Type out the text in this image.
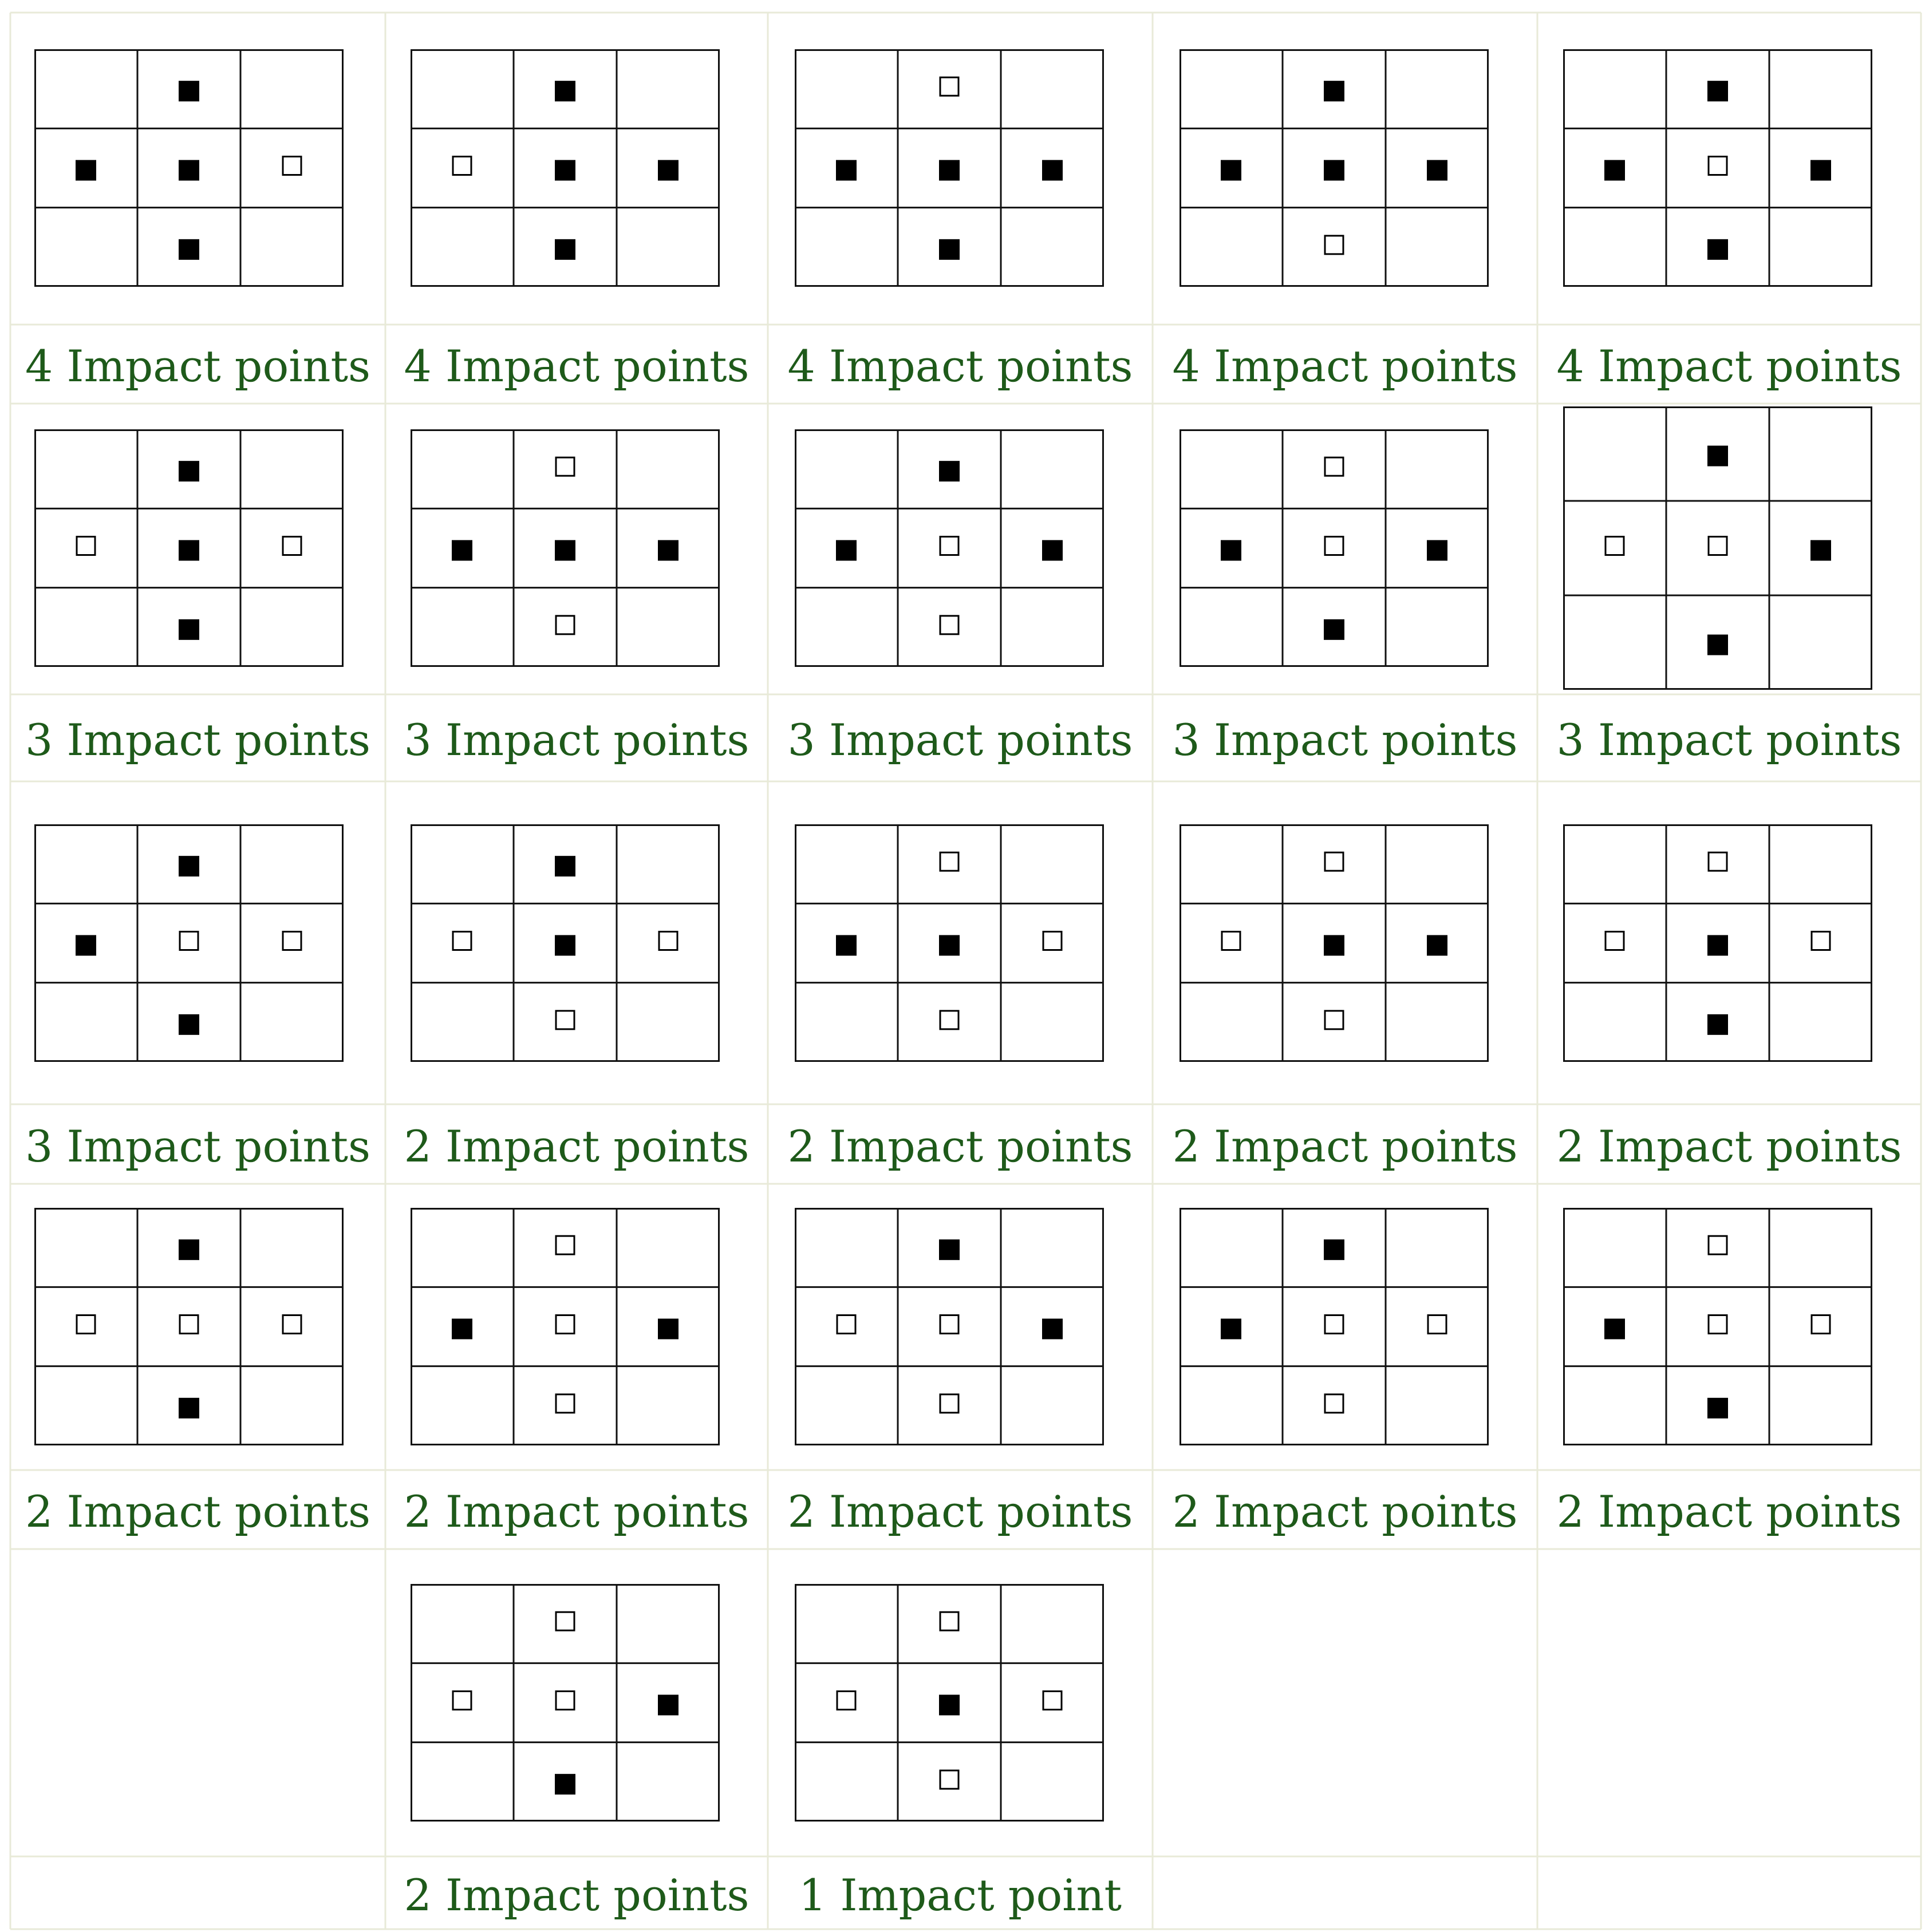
4 Impact points 4 Impact points 4 Impact points 4 Impact points 4 Impact points
3 Impact points 3 Impact points 3 Impact points 3 Impact points 3 Impact points
3 Impact points 2 Impact points 2 Impact points 2 Impact points 2 Impact points
2 Impact points 2 Impact points 2 Impact points 2 Impact points 2 Impact points
2 Impact points	1 Impact point
